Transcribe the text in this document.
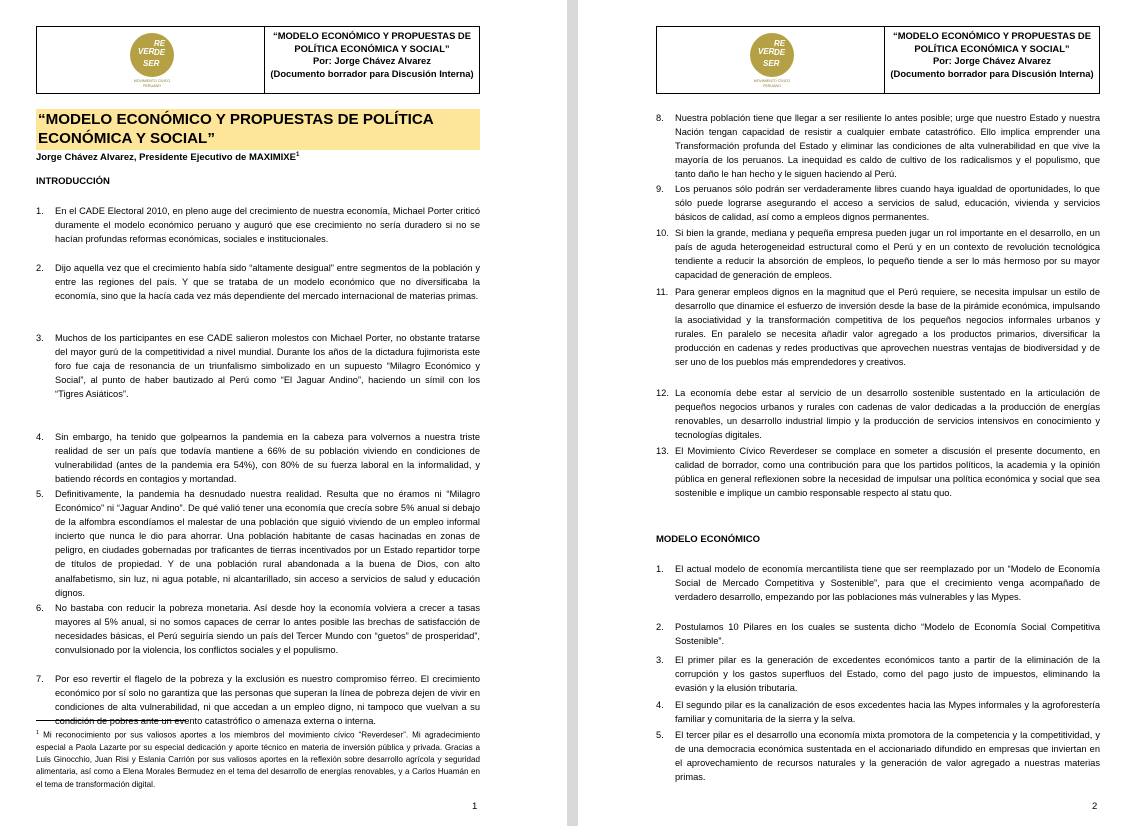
RE
VER DE
SER
MOVIMIENTO CÍVICO
PERUANO
“MODELO ECONÓMICO Y PROPUESTAS DE
POLÍTICA ECONÓMICA Y SOCIAL”
Por: Jorge Chávez Alvarez
(Documento borrador para Discusión Interna)
“MODELO ECONÓMICO Y PROPUESTAS DE POLÍTICA
ECONÓMICA Y SOCIAL”
Jorge Chávez Alvarez, Presidente Ejecutivo de MAXIMIXE$^1$
INTRODUCCIÓN
1. En el CADE Electoral 2010, en pleno auge del crecimiento de nuestra economía, Michael Porter criticó duramente el modelo económico peruano y auguró que ese crecimiento no sería duradero si no se hacían profundas reformas económicas, sociales e institucionales.
2. Dijo aquella vez que el crecimiento había sido “altamente desigual” entre segmentos de la población y entre las regiones del país. Y que se trataba de un modelo económico que no diversificaba la economía, sino que la hacía cada vez más dependiente del mercado internacional de materias primas.
3. Muchos de los participantes en ese CADE salieron molestos con Michael Porter, no obstante tratarse del mayor gurú de la competitividad a nivel mundial. Durante los años de la dictadura fujimorista este foro fue caja de resonancia de un triunfalismo simbolizado en un supuesto “Milagro Económico y Social”, al punto de haber bautizado al Perú como “El Jaguar Andino”, haciendo un símil con los “Tigres Asiáticos”.
4. Sin embargo, ha tenido que golpearnos la pandemia en la cabeza para volvernos a nuestra triste realidad de ser un país que todavía mantiene a 66% de su población viviendo en condiciones de vulnerabilidad (antes de la pandemia era 54%), con 80% de su fuerza laboral en la informalidad, y batiendo récords en contagios y mortandad.
5. Definitivamente, la pandemia ha desnudado nuestra realidad. Resulta que no éramos ni “Milagro Económico” ni “Jaguar Andino”. De qué valió tener una economía que crecía sobre 5% anual si debajo de la alfombra escondíamos el malestar de una población que siguió viviendo de un empleo informal incierto que nunca le dio para ahorrar. Una población habitante de casas hacinadas en zonas de peligro, en ciudades gobernadas por traficantes de tierras incentivados por un Estado repartidor torpe de títulos de propiedad. Y de una población rural abandonada a la buena de Dios, con alto analfabetismo, sin luz, ni agua potable, ni alcantarillado, sin acceso a servicios de salud y educación dignos.
6. No bastaba con reducir la pobreza monetaria. Así desde hoy la economía volviera a crecer a tasas mayores al 5% anual, si no somos capaces de cerrar lo antes posible las brechas de satisfacción de necesidades básicas, el Perú seguiría siendo un país del Tercer Mundo con “guetos” de prosperidad”, convulsionado por la violencia, los conflictos sociales y el populismo.
7. Por eso revertir el flagelo de la pobreza y la exclusión es nuestro compromiso férreo. El crecimiento económico por sí solo no garantiza que las personas que superan la línea de pobreza dejen de vivir en condiciones de alta vulnerabilidad, ni que accedan a un empleo digno, ni tampoco que vuelvan a su condición de pobres ante un evento catastrófico o amenaza externa o interna.
$^1$ Mi reconocimiento por sus valiosos aportes a los miembros del movimiento cívico “Reverdeser”. Mi agradecimiento especial a Paola Lazarte por su especial dedicación y aporte técnico en materia de inversión pública y privada. Gracias a Luis Ginocchio, Juan Risi y Eslania Carrión por sus valiosos aportes en la reflexión sobre desarrollo agrícola y seguridad alimentaria, así como a Elena Morales Bermudez en el tema del desarrollo de energías renovables, y a Carlos Huamán en el tema de transformación digital.
1
RE
VER DE
SER
MOVIMIENTO CÍVICO
PERUANO
“MODELO ECONÓMICO Y PROPUESTAS DE
POLÍTICA ECONÓMICA Y SOCIAL”
Por: Jorge Chávez Alvarez
(Documento borrador para Discusión Interna)
8. Nuestra población tiene que llegar a ser resiliente lo antes posible; urge que nuestro Estado y nuestra Nación tengan capacidad de resistir a cualquier embate catastrófico. Ello implica emprender una Transformación profunda del Estado y eliminar las condiciones de alta vulnerabilidad en que vive la mayoría de los peruanos. La inequidad es caldo de cultivo de los radicalismos y el populismo, que tanto daño le han hecho y le siguen haciendo al Perú.
9. Los peruanos sólo podrán ser verdaderamente libres cuando haya igualdad de oportunidades, lo que sólo puede lograrse asegurando el acceso a servicios de salud, educación, vivienda y servicios básicos de calidad, así como a empleos dignos permanentes.
10. Si bien la grande, mediana y pequeña empresa pueden jugar un rol importante en el desarrollo, en un país de aguda heterogeneidad estructural como el Perú y en un contexto de revolución tecnológica tendiente a reducir la absorción de empleos, lo pequeño tiende a ser lo más hermoso por su mayor capacidad de generación de empleos.
11. Para generar empleos dignos en la magnitud que el Perú requiere, se necesita impulsar un estilo de desarrollo que dinamice el esfuerzo de inversión desde la base de la pirámide económica, impulsando la asociatividad y la transformación competitiva de los pequeños negocios informales urbanos y rurales. En paralelo se necesita añadir valor agregado a los productos primarios, diversificar la producción en cadenas y redes productivas que aprovechen nuestras ventajas de biodiversidad y de ser uno de los pueblos más emprendedores y creativos.
12. La economía debe estar al servicio de un desarrollo sostenible sustentado en la articulación de pequeños negocios urbanos y rurales con cadenas de valor dedicadas a la producción de energías renovables, un desarrollo industrial limpio y la producción de servicios intensivos en conocimiento y tecnologías digitales.
13. El Movimiento Cívico Reverdeser se complace en someter a discusión el presente documento, en calidad de borrador, como una contribución para que los partidos políticos, la academia y la opinión pública en general reflexionen sobre la necesidad de impulsar una política económica y social que sea sostenible e implique un cambio responsable respecto al statu quo.
MODELO ECONÓMICO
1. El actual modelo de economía mercantilista tiene que ser reemplazado por un “Modelo de Economía Social de Mercado Competitiva y Sostenible”, para que el crecimiento venga acompañado de verdadero desarrollo, empezando por las poblaciones más vulnerables y las Mypes.
2. Postulamos 10 Pilares en los cuales se sustenta dicho “Modelo de Economía Social Competitiva Sostenible”.
3. El primer pilar es la generación de excedentes económicos tanto a partir de la eliminación de la corrupción y los gastos superfluos del Estado, como del pago justo de impuestos, eliminando la evasión y la elusión tributaria.
4. El segundo pilar es la canalización de esos excedentes hacia las Mypes informales y la agroforestería familiar y comunitaria de la sierra y la selva.
5. El tercer pilar es el desarrollo una economía mixta promotora de la competencia y la competitividad, y de una democracia económica sustentada en el accionariado difundido en empresas que inviertan en el aprovechamiento de recursos naturales y la generación de valor agregado a nuestras materias primas.
2
